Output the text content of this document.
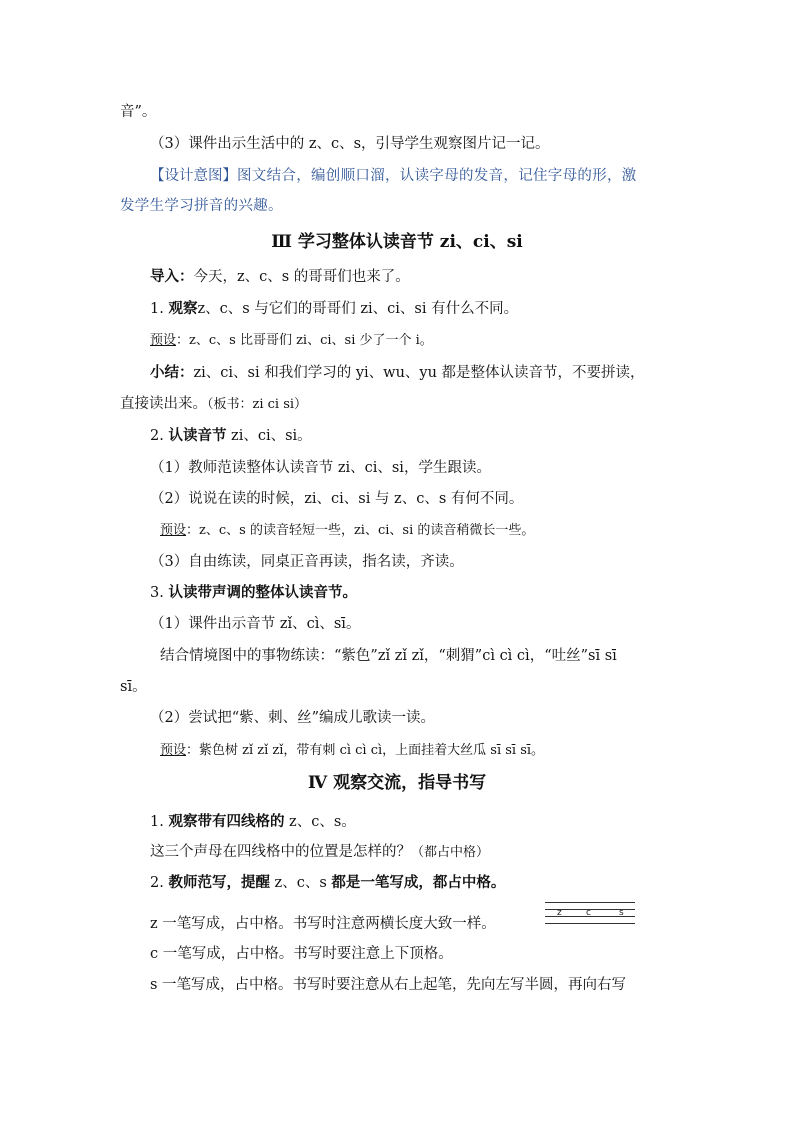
音”。
（3）课件出示生活中的 z、c、s，引导学生观察图片记一记。
【设计意图】图文结合，编创顺口溜，认读字母的发音，记住字母的形，激
发学生学习拼音的兴趣。
Ⅲ 学习整体认读音节 zi、ci、si
导入：今天，z、c、s 的哥哥们也来了。
1. 观察z、c、s 与它们的哥哥们 zi、ci、si 有什么不同。
预设：z、c、s 比哥哥们 zi、ci、si 少了一个 i。
小结：zi、ci、si 和我们学习的 yi、wu、yu 都是整体认读音节，不要拼读，
直接读出来。（板书：zi ci si）
2. 认读音节 zi、ci、si。
（1）教师范读整体认读音节 zi、ci、si，学生跟读。
（2）说说在读的时候，zi、ci、si 与 z、c、s 有何不同。
预设：z、c、s 的读音轻短一些，zi、ci、si 的读音稍微长一些。
（3）自由练读，同桌正音再读，指名读，齐读。
3. 认读带声调的整体认读音节。
（1）课件出示音节 zǐ、cì、sī。
结合情境图中的事物练读：“紫色”zǐ zǐ zǐ，“刺猬”cì cì cì，“吐丝”sī sī
sī。
（2）尝试把“紫、刺、丝”编成儿歌读一读。
预设：紫色树 zǐ zǐ zǐ，带有刺 cì cì cì，上面挂着大丝瓜 sī sī sī。
Ⅳ 观察交流，指导书写
1. 观察带有四线格的 z、c、s。
这三个声母在四线格中的位置是怎样的？（都占中格）
2. 教师范写，提醒 z、c、s 都是一笔写成，都占中格。
z 一笔写成，占中格。书写时注意两横长度大致一样。
z	c	s
c 一笔写成，占中格。书写时要注意上下顶格。
s 一笔写成，占中格。书写时要注意从右上起笔，先向左写半圆，再向右写
